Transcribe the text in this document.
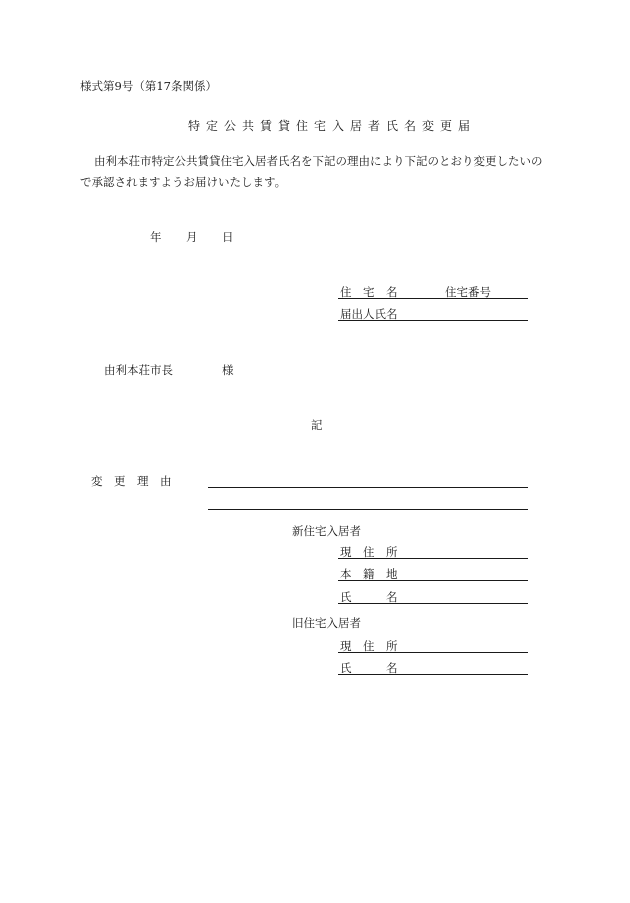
様式第9号（第17条関係）
特定公共賃貸住宅入居者氏名変更届
由利本荘市特定公共賃貸住宅入居者氏名を下記の理由により下記のとおり変更したいの
で承認されますようお届けいたします。
年 月 日
住　宅　名	住宅番号
届出人氏名
由利本荘市長	様
記
変　更　理　由
新住宅入居者
現　住　所
本　籍　地
氏　　　名
旧住宅入居者
現　住　所
氏　　　名
